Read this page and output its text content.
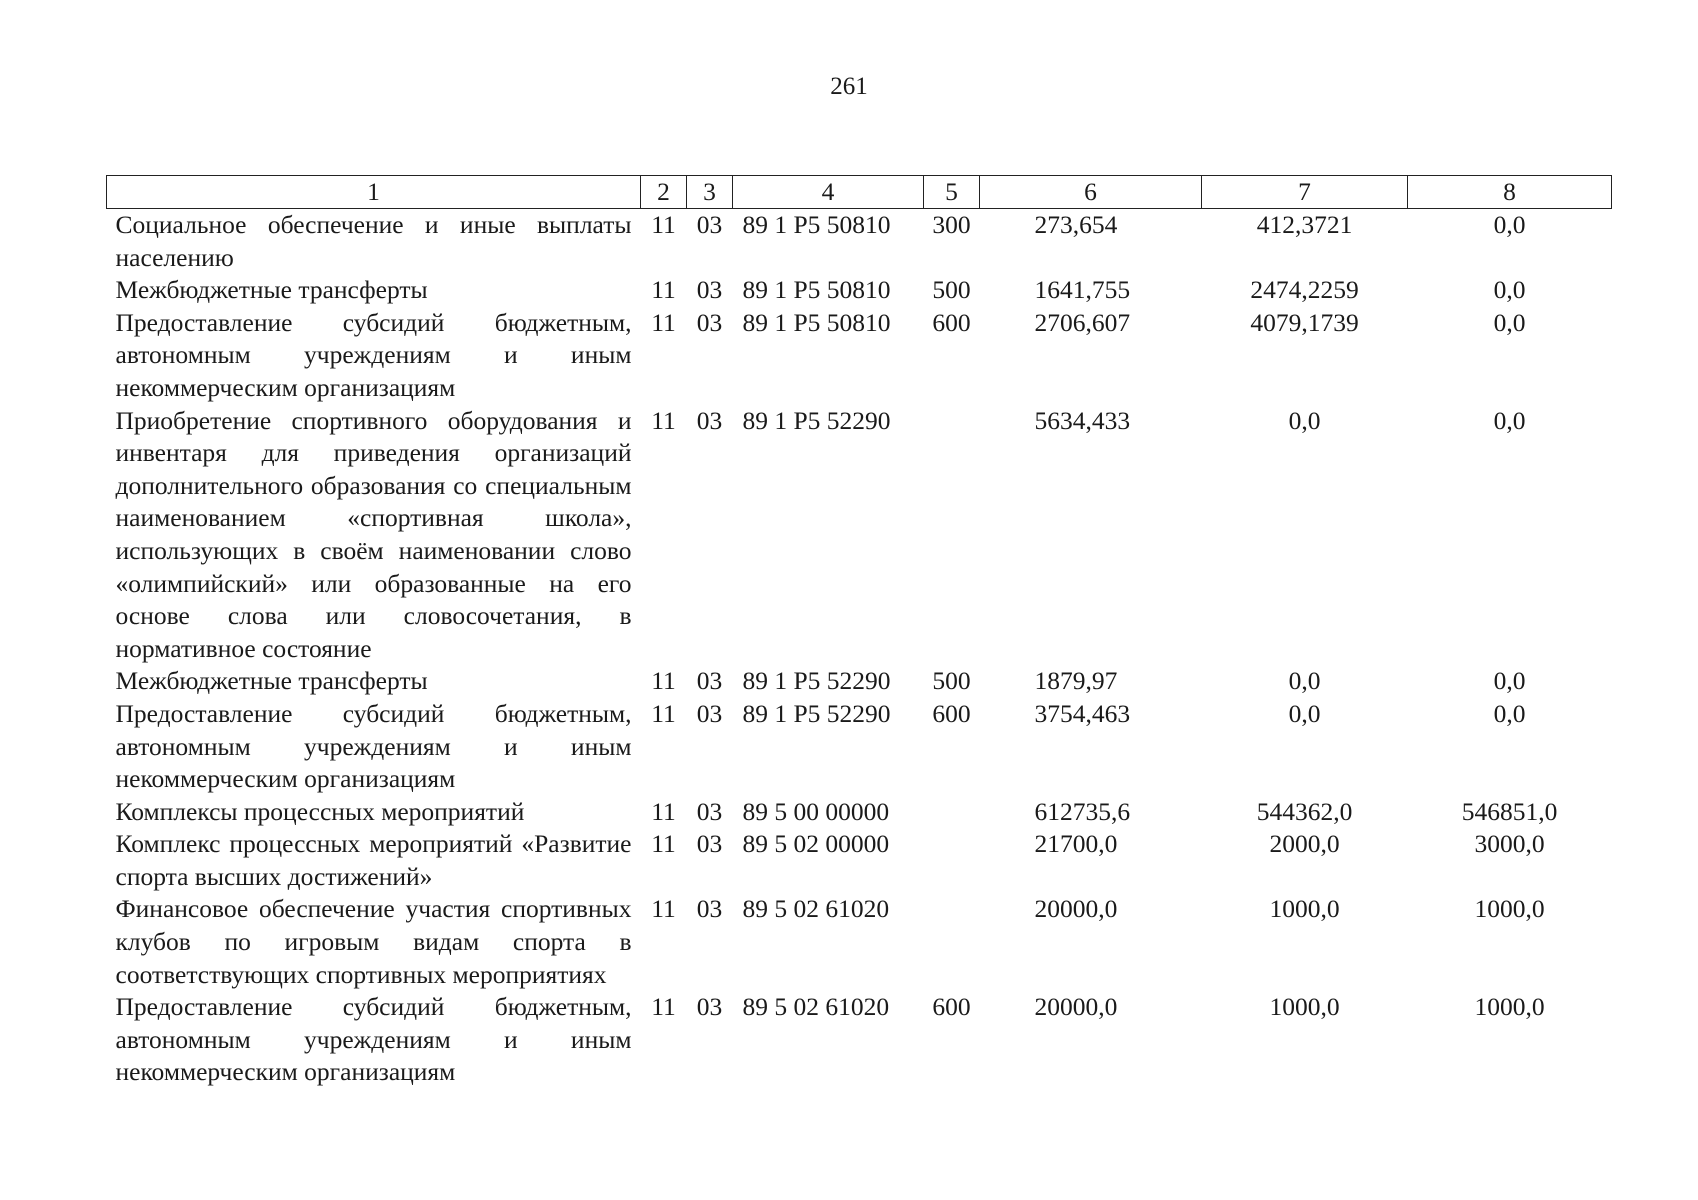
261
1	2	3	4	5	6	7	8
Социальное обеспечение и иные выплаты населению	11	03	89 1 Р5 50810	300	273,654	412,3721	0,0
Межбюджетные трансферты	11	03	89 1 Р5 50810	500	1641,755	2474,2259	0,0
Предоставление субсидий бюджетным, автономным учреждениям и иным некоммерческим организациям	11	03	89 1 Р5 50810	600	2706,607	4079,1739	0,0
Приобретение спортивного оборудования и инвентаря для приведения организаций дополнительного образования со специальным наименованием «спортивная школа», использующих в своём наименовании слово «олимпийский» или образованные на его основе слова или словосочетания, в нормативное состояние	11	03	89 1 Р5 52290		5634,433	0,0	0,0
Межбюджетные трансферты	11	03	89 1 Р5 52290	500	1879,97	0,0	0,0
Предоставление субсидий бюджетным, автономным учреждениям и иным некоммерческим организациям	11	03	89 1 Р5 52290	600	3754,463	0,0	0,0
Комплексы процессных мероприятий	11	03	89 5 00 00000		612735,6	544362,0	546851,0
Комплекс процессных мероприятий «Развитие спорта высших достижений»	11	03	89 5 02 00000		21700,0	2000,0	3000,0
Финансовое обеспечение участия спортивных клубов по игровым видам спорта в соответствующих спортивных мероприятиях	11	03	89 5 02 61020		20000,0	1000,0	1000,0
Предоставление субсидий бюджетным, автономным учреждениям и иным некоммерческим организациям	11	03	89 5 02 61020	600	20000,0	1000,0	1000,0
